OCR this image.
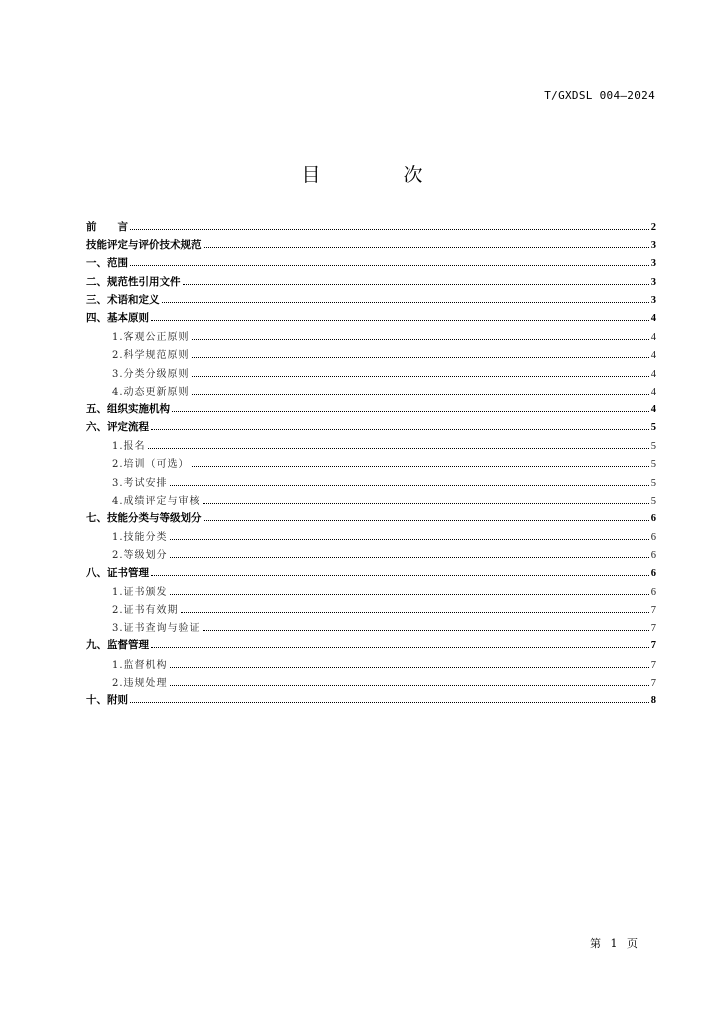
T/GXDSL 004—2024
目　次
前　　言	2
技能评定与评价技术规范	3
一、范围	3
二、规范性引用文件	3
三、术语和定义	3
四、基本原则	4
1.客观公正原则	4
2.科学规范原则	4
3.分类分级原则	4
4.动态更新原则	4
五、组织实施机构	4
六、评定流程	5
1.报名	5
2.培训（可选）	5
3.考试安排	5
4.成绩评定与审核	5
七、技能分类与等级划分	6
1.技能分类	6
2.等级划分	6
八、证书管理	6
1.证书颁发	6
2.证书有效期	7
3.证书查询与验证	7
九、监督管理	7
1.监督机构	7
2.违规处理	7
十、附则	8
第 1 页
